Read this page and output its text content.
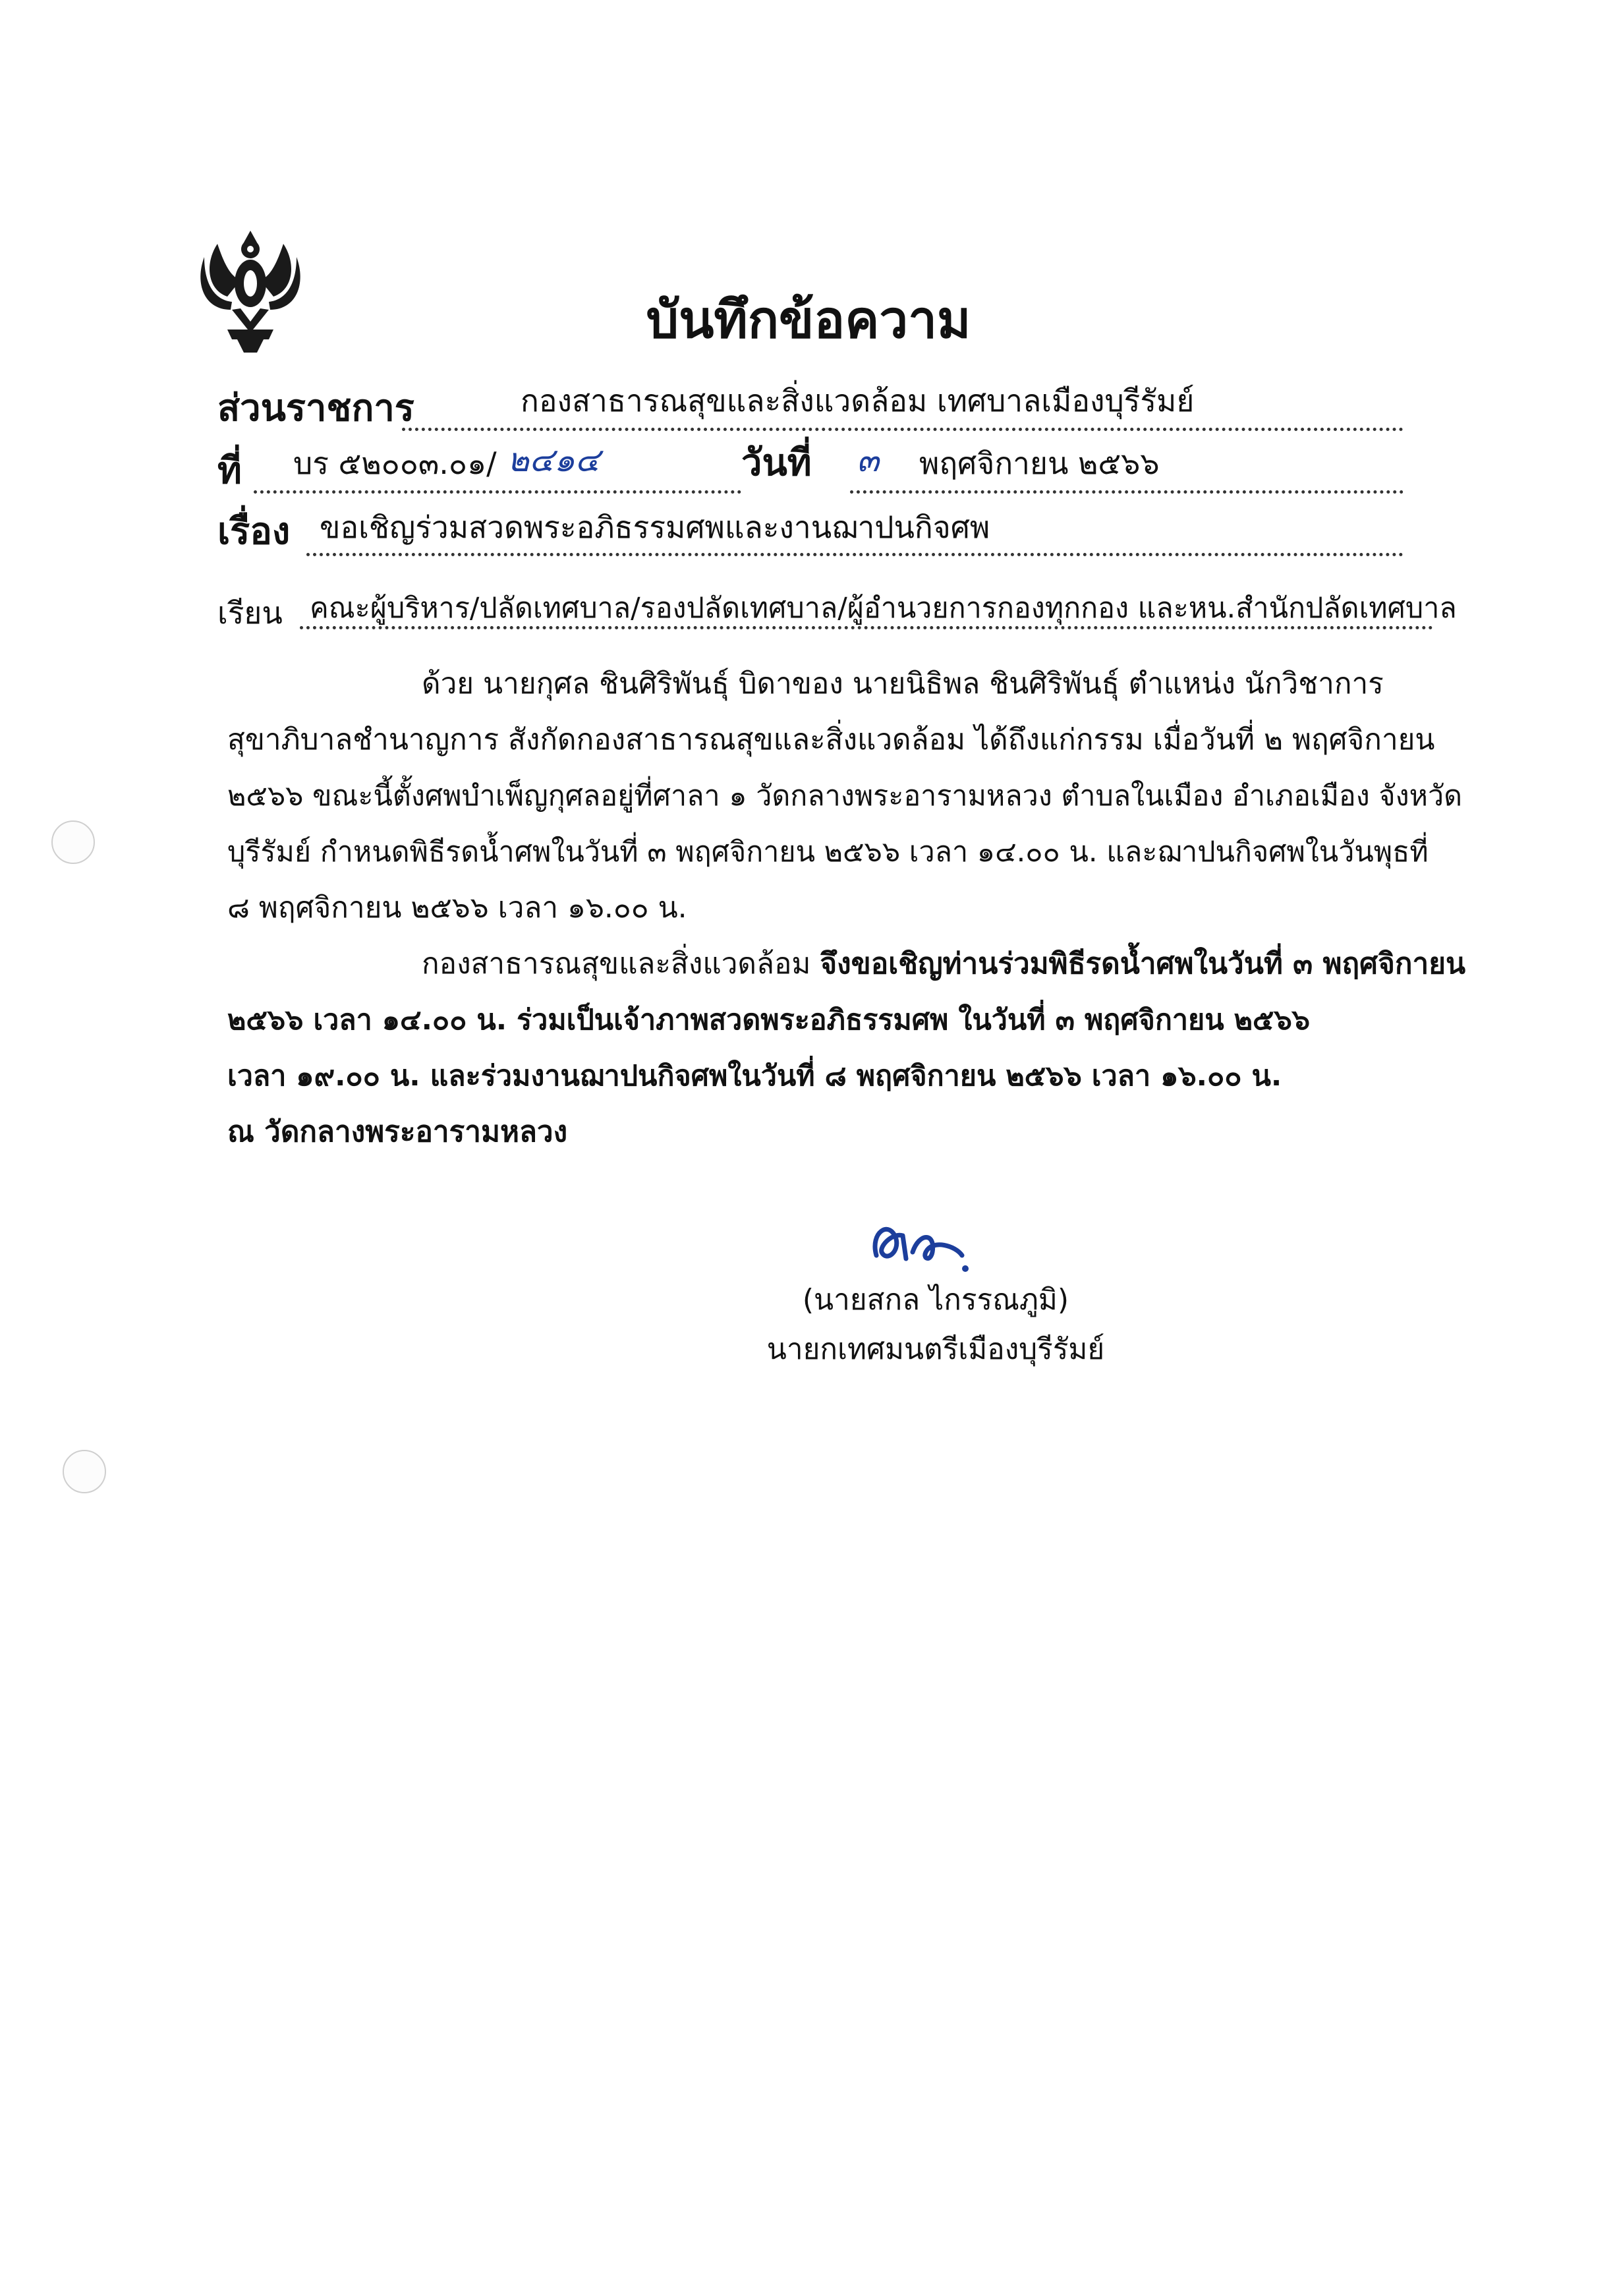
บันทึกข้อความ
ส่วนราชการ	กองสาธารณสุขและสิ่งแวดล้อม เทศบาลเมืองบุรีรัมย์
ที่ บร ๕๒๐๐๓.๐๑/ ๒๔๑๔	วันที่ ๓ พฤศจิกายน ๒๕๖๖
เรื่อง ขอเชิญร่วมสวดพระอภิธรรมศพและงานฌาปนกิจศพ
เรียน คณะผู้บริหาร/ปลัดเทศบาล/รองปลัดเทศบาล/ผู้อำนวยการกองทุกกอง และหน.สำนักปลัดเทศบาล
ด้วย นายกุศล ชินศิริพันธุ์ บิดาของ นายนิธิพล ชินศิริพันธุ์ ตำแหน่ง นักวิชาการ
สุขาภิบาลชำนาญการ สังกัดกองสาธารณสุขและสิ่งแวดล้อม ได้ถึงแก่กรรม เมื่อวันที่ ๒ พฤศจิกายน
๒๕๖๖ ขณะนี้ตั้งศพบำเพ็ญกุศลอยู่ที่ศาลา ๑ วัดกลางพระอารามหลวง ตำบลในเมือง อำเภอเมือง จังหวัด
บุรีรัมย์ กำหนดพิธีรดน้ำศพในวันที่ ๓ พฤศจิกายน ๒๕๖๖ เวลา ๑๔.๐๐ น. และฌาปนกิจศพในวันพุธที่
๘ พฤศจิกายน ๒๕๖๖ เวลา ๑๖.๐๐ น.
กองสาธารณสุขและสิ่งแวดล้อม จึงขอเชิญท่านร่วมพิธีรดน้ำศพในวันที่ ๓ พฤศจิกายน
๒๕๖๖ เวลา ๑๔.๐๐ น. ร่วมเป็นเจ้าภาพสวดพระอภิธรรมศพ ในวันที่ ๓ พฤศจิกายน ๒๕๖๖
เวลา ๑๙.๐๐ น. และร่วมงานฌาปนกิจศพในวันที่ ๘ พฤศจิกายน ๒๕๖๖ เวลา ๑๖.๐๐ น.
ณ วัดกลางพระอารามหลวง
(นายสกล ไกรรณภูมิ)
นายกเทศมนตรีเมืองบุรีรัมย์
